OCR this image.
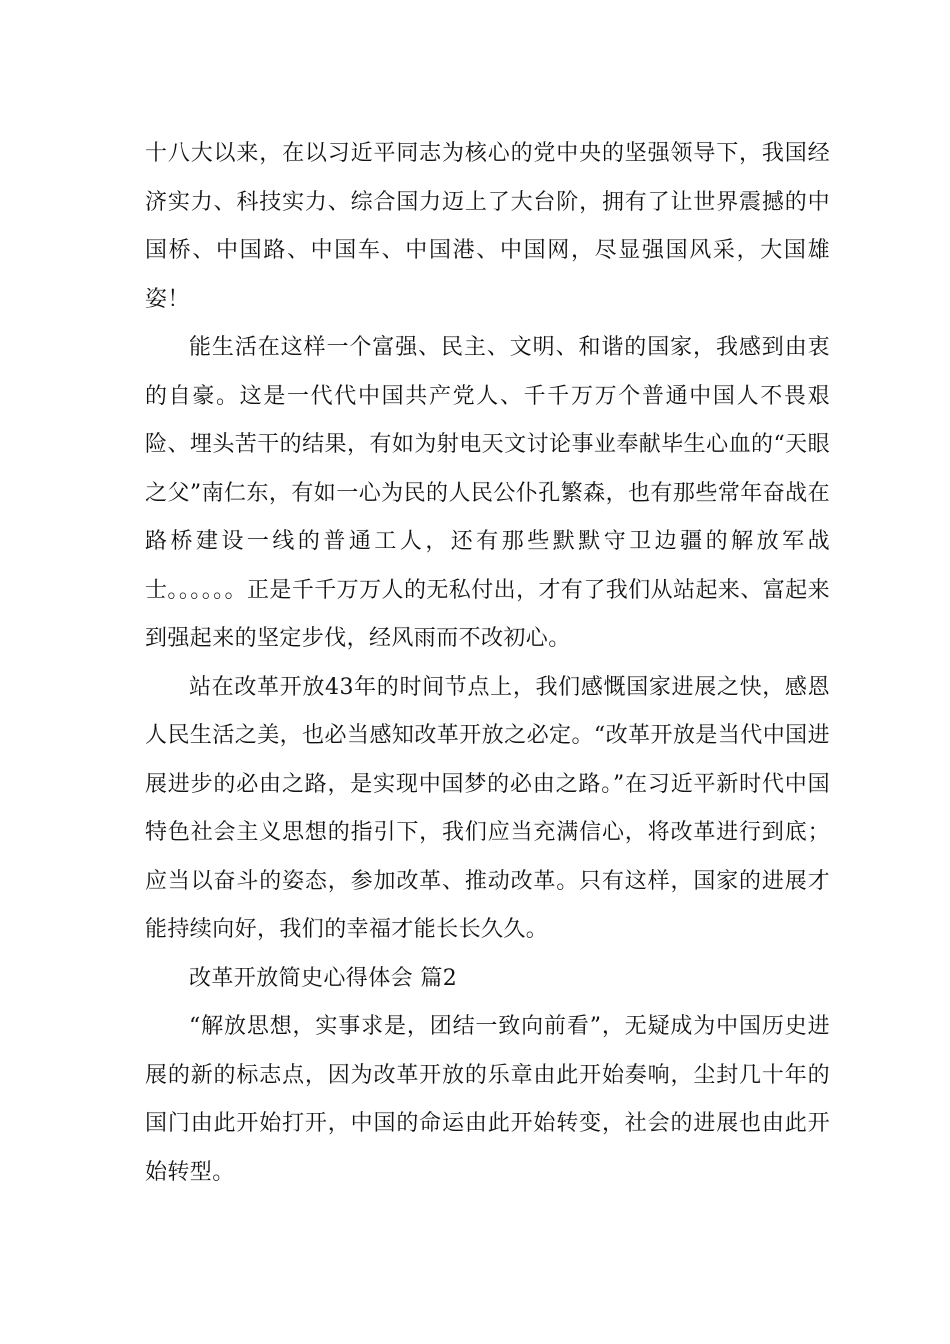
十八大以来，在以习近平同志为核心的党中央的坚强领导下，我国经济实力、科技实力、综合国力迈上了大台阶，拥有了让世界震撼的中国桥、中国路、中国车、中国港、中国网，尽显强国风采，大国雄姿！

能生活在这样一个富强、民主、文明、和谐的国家，我感到由衷的自豪。这是一代代中国共产党人、千千万万个普通中国人不畏艰险、埋头苦干的结果，有如为射电天文讨论事业奉献毕生心血的“天眼之父”南仁东，有如一心为民的人民公仆孔繁森，也有那些常年奋战在路桥建设一线的普通工人，还有那些默默守卫边疆的解放军战士。。。。。。正是千千万万人的无私付出，才有了我们从站起来、富起来到强起来的坚定步伐，经风雨而不改初心。

站在改革开放43年的时间节点上，我们感慨国家进展之快，感恩人民生活之美，也必当感知改革开放之必定。“改革开放是当代中国进展进步的必由之路，是实现中国梦的必由之路。”在习近平新时代中国特色社会主义思想的指引下，我们应当充满信心，将改革进行到底；应当以奋斗的姿态，参加改革、推动改革。只有这样，国家的进展才能持续向好，我们的幸福才能长长久久。

改革开放简史心得体会 篇2

“解放思想，实事求是，团结一致向前看”，无疑成为中国历史进展的新的标志点，因为改革开放的乐章由此开始奏响，尘封几十年的国门由此开始打开，中国的命运由此开始转变，社会的进展也由此开始转型。
